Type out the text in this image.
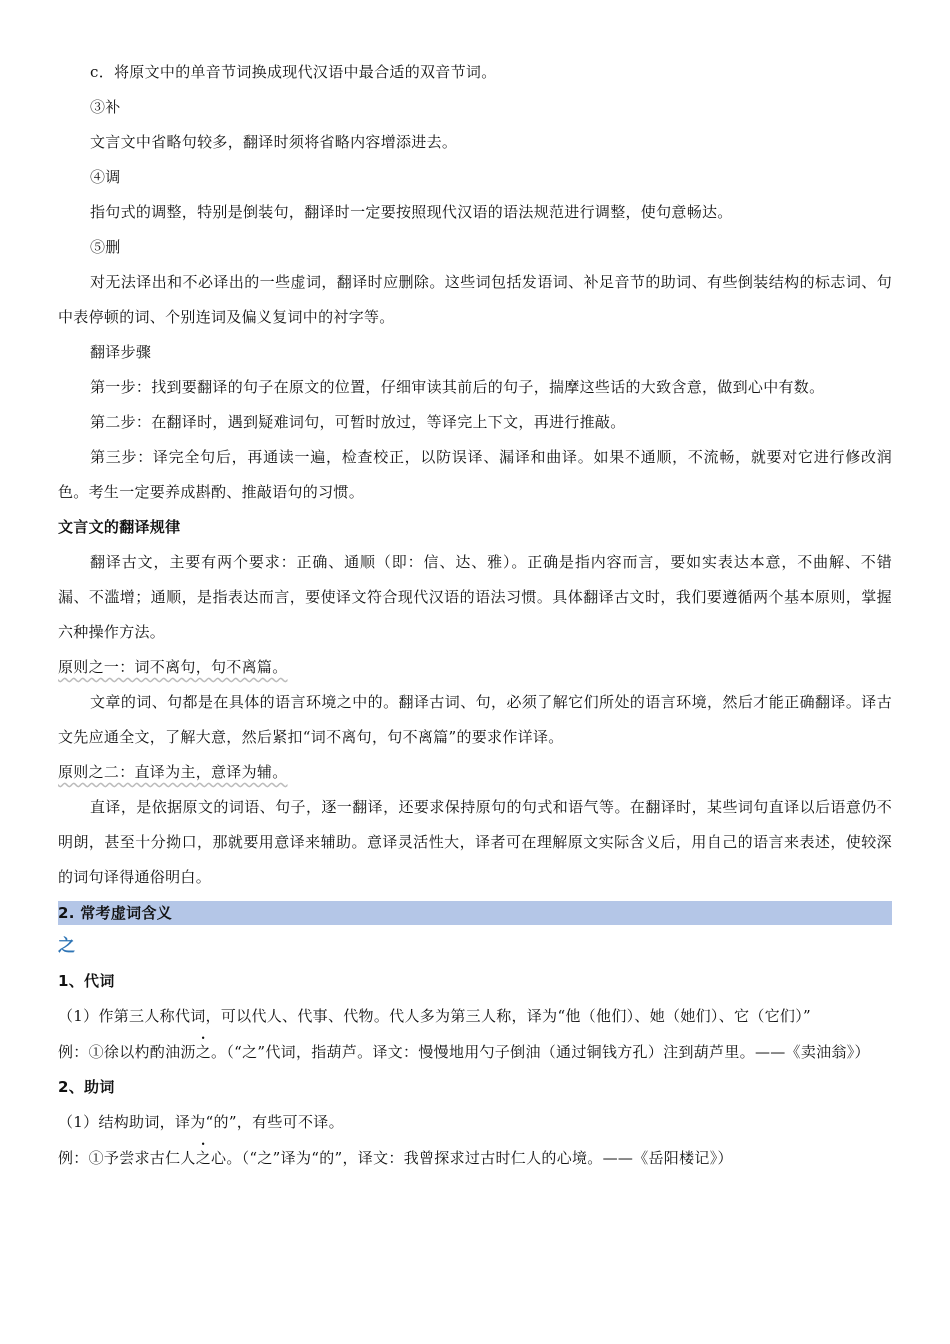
c．将原文中的单音节词换成现代汉语中最合适的双音节词。

③补

文言文中省略句较多，翻译时须将省略内容增添进去。

④调

指句式的调整，特别是倒装句，翻译时一定要按照现代汉语的语法规范进行调整，使句意畅达。

⑤删

对无法译出和不必译出的一些虚词，翻译时应删除。这些词包括发语词、补足音节的助词、有些倒装结构的标志词、句中表停顿的词、个别连词及偏义复词中的衬字等。

翻译步骤

第一步：找到要翻译的句子在原文的位置，仔细审读其前后的句子，揣摩这些话的大致含意，做到心中有数。

第二步：在翻译时，遇到疑难词句，可暂时放过，等译完上下文，再进行推敲。

第三步：译完全句后，再通读一遍，检查校正，以防误译、漏译和曲译。如果不通顺，不流畅，就要对它进行修改润色。考生一定要养成斟酌、推敲语句的习惯。

文言文的翻译规律

翻译古文，主要有两个要求：正确、通顺（即：信、达、雅）。正确是指内容而言，要如实表达本意，不曲解、不错漏、不滥增；通顺，是指表达而言，要使译文符合现代汉语的语法习惯。具体翻译古文时，我们要遵循两个基本原则，掌握六种操作方法。

原则之一：词不离句，句不离篇。

文章的词、句都是在具体的语言环境之中的。翻译古词、句，必须了解它们所处的语言环境，然后才能正确翻译。译古文先应通全文，了解大意，然后紧扣“词不离句，句不离篇”的要求作详译。

原则之二：直译为主，意译为辅。

直译，是依据原文的词语、句子，逐一翻译，还要求保持原句的句式和语气等。在翻译时，某些词句直译以后语意仍不明朗，甚至十分拗口，那就要用意译来辅助。意译灵活性大，译者可在理解原文实际含义后，用自己的语言来表述，使较深的词句译得通俗明白。

2. 常考虚词含义

之

1、代词

（1）作第三人称代词，可以代人、代事、代物。代人多为第三人称，译为“他（他们）、她（她们）、它（它们）”

例：①徐以杓酌油沥之。（“之”代词，指葫芦。译文：慢慢地用勺子倒油（通过铜钱方孔）注到葫芦里。——《卖油翁》）

2、助词

（1）结构助词，译为“的”，有些可不译。

例：①予尝求古仁人之心。（“之”译为“的”，译文：我曾探求过古时仁人的心境。——《岳阳楼记》）
